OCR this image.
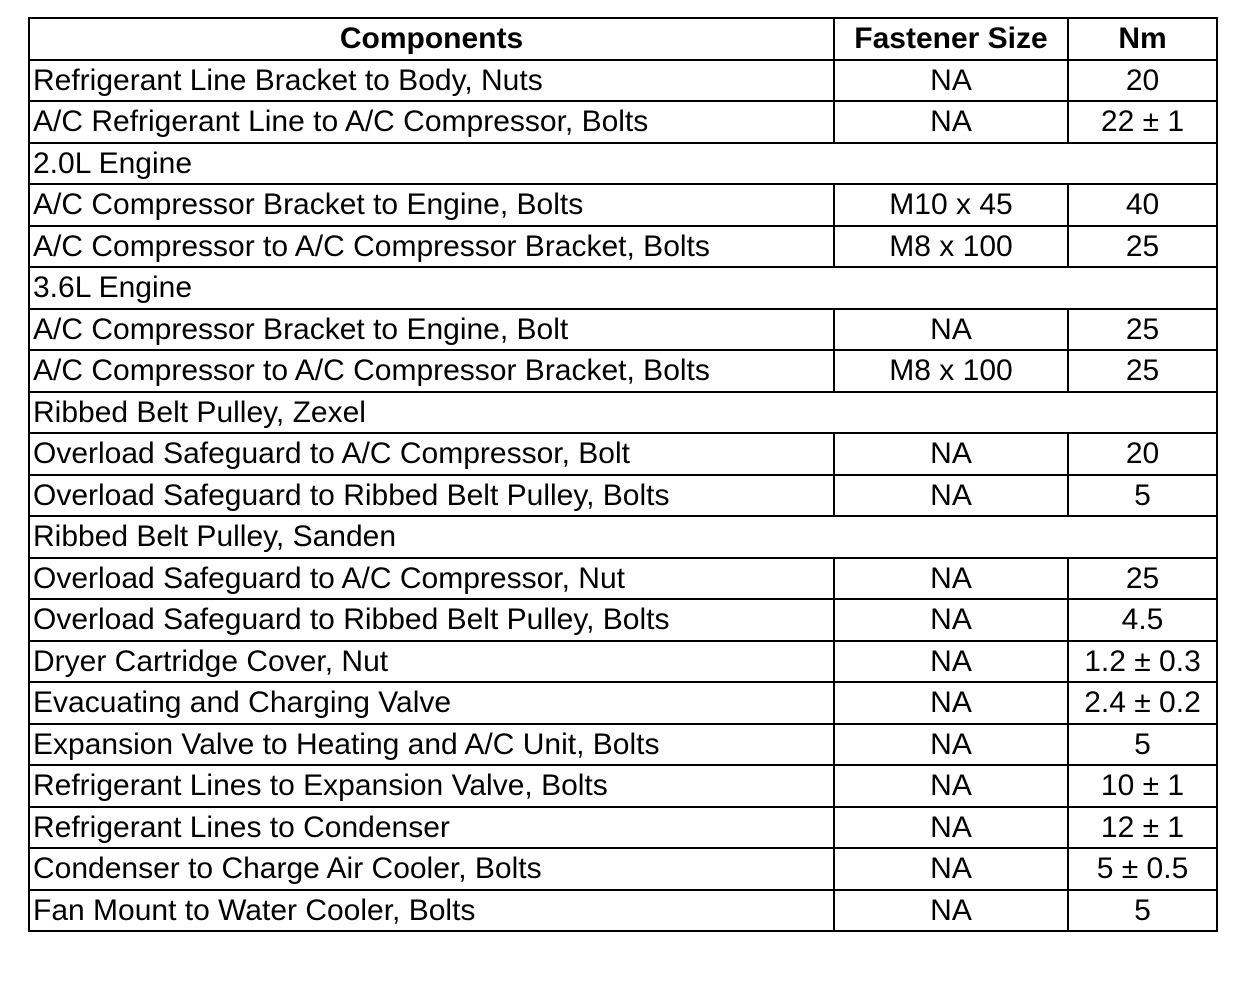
Components	Fastener Size	Nm
Refrigerant Line Bracket to Body, Nuts	NA	20
A/C Refrigerant Line to A/C Compressor, Bolts	NA	22 ± 1
2.0L Engine		
A/C Compressor Bracket to Engine, Bolts	M10 x 45	40
A/C Compressor to A/C Compressor Bracket, Bolts	M8 x 100	25
3.6L Engine		
A/C Compressor Bracket to Engine, Bolt	NA	25
A/C Compressor to A/C Compressor Bracket, Bolts	M8 x 100	25
Ribbed Belt Pulley, Zexel		
Overload Safeguard to A/C Compressor, Bolt	NA	20
Overload Safeguard to Ribbed Belt Pulley, Bolts	NA	5
Ribbed Belt Pulley, Sanden		
Overload Safeguard to A/C Compressor, Nut	NA	25
Overload Safeguard to Ribbed Belt Pulley, Bolts	NA	4.5
Dryer Cartridge Cover, Nut	NA	1.2 ± 0.3
Evacuating and Charging Valve	NA	2.4 ± 0.2
Expansion Valve to Heating and A/C Unit, Bolts	NA	5
Refrigerant Lines to Expansion Valve, Bolts	NA	10 ± 1
Refrigerant Lines to Condenser	NA	12 ± 1
Condenser to Charge Air Cooler, Bolts	NA	5 ± 0.5
Fan Mount to Water Cooler, Bolts	NA	5
